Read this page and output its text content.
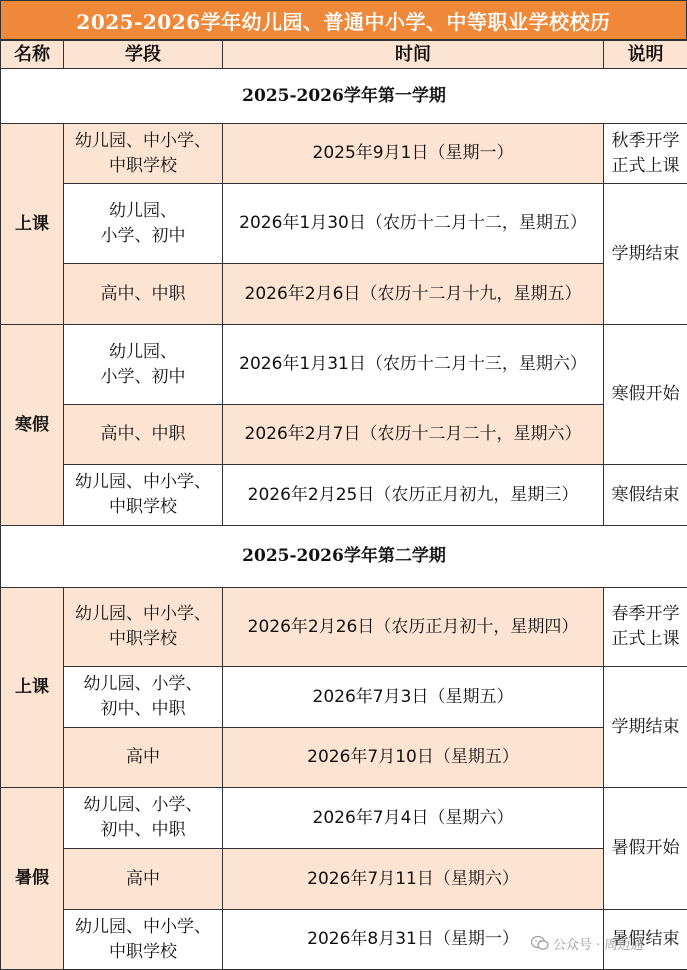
2025-2026学年幼儿园、普通中小学、中等职业学校校历
名称	学段	时间	说明
2025-2026学年第一学期			
上课	幼儿园、中小学、
中职学校	2025年9月1日（星期一）	秋季开学
正式上课
	幼儿园、
小学、初中	2026年1月30日（农历十二月十二，星期五）	学期结束
	高中、中职	2026年2月6日（农历十二月十九，星期五）	
寒假	幼儿园、
小学、初中	2026年1月31日（农历十二月十三，星期六）	寒假开始
	高中、中职	2026年2月7日（农历十二月二十，星期六）	
	幼儿园、中小学、
中职学校	2026年2月25日（农历正月初九，星期三）	寒假结束
2025-2026学年第二学期			
上课	幼儿园、中小学、
中职学校	2026年2月26日（农历正月初十，星期四）	春季开学
正式上课
	幼儿园、小学、
初中、中职	2026年7月3日（星期五）	学期结束
	高中	2026年7月10日（星期五）	
暑假	幼儿园、小学、
初中、中职	2026年7月4日（星期六）	暑假开始
	高中	2026年7月11日（星期六）	
	幼儿园、中小学、
中职学校	2026年8月31日（星期一）	暑假结束
公众号 · 周边通
